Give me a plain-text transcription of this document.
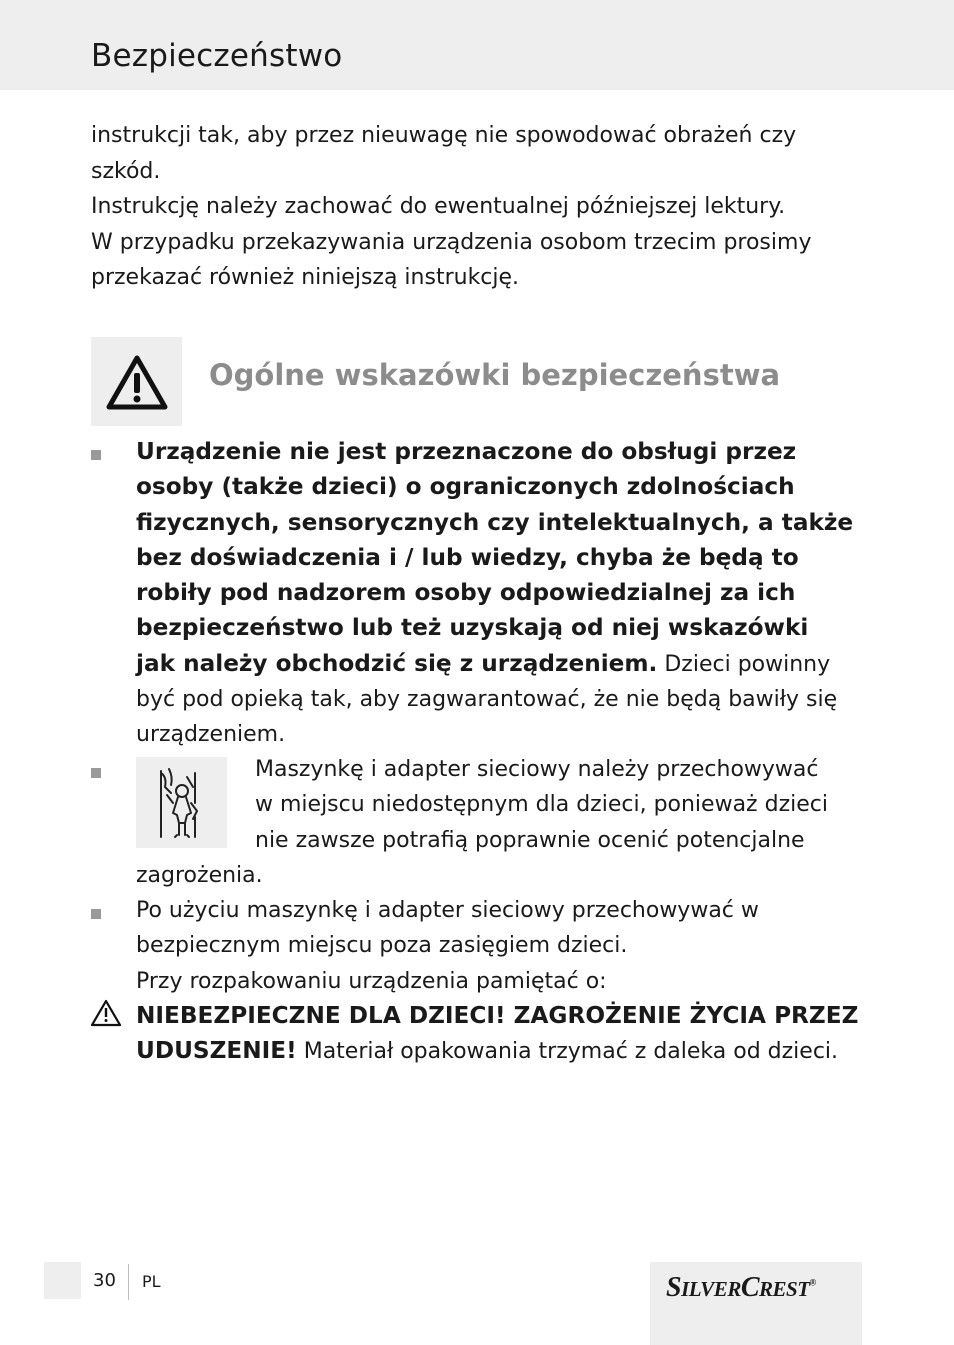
Bezpieczeństwo

instrukcji tak, aby przez nieuwagę nie spowodować obrażeń czy

szkód.

Instrukcję należy zachować do ewentualnej późniejszej lektury.

W przypadku przekazywania urządzenia osobom trzecim prosimy

przekazać również niniejszą instrukcję.

Ogólne wskazówki bezpieczeństwa
Urządzenie nie jest przeznaczone do obsługi przez
osoby (także dzieci) o ograniczonych zdolnościach
fizycznych, sensorycznych czy intelektualnych, a także
bez doświadczenia i / lub wiedzy, chyba że będą to
robiły pod nadzorem osoby odpowiedzialnej za ich
bezpieczeństwo lub też uzyskają od niej wskazówki
jak należy obchodzić się z urządzeniem. Dzieci powinny
być pod opieką tak, aby zagwarantować, że nie będą bawiły się
urządzeniem.
Maszynkę i adapter sieciowy należy przechowywać
w miejscu niedostępnym dla dzieci, ponieważ dzieci
nie zawsze potrafią poprawnie ocenić potencjalne
zagrożenia.
Po użyciu maszynkę i adapter sieciowy przechowywać w
bezpiecznym miejscu poza zasięgiem dzieci.
Przy rozpakowaniu urządzenia pamiętać o:
NIEBEZPIECZNE DLA DZIECI! ZAGROŻENIE ŻYCIA PRZEZ
UDUSZENIE! Materiał opakowania trzymać z daleka od dzieci.
30 PL	SILVERCREST®
